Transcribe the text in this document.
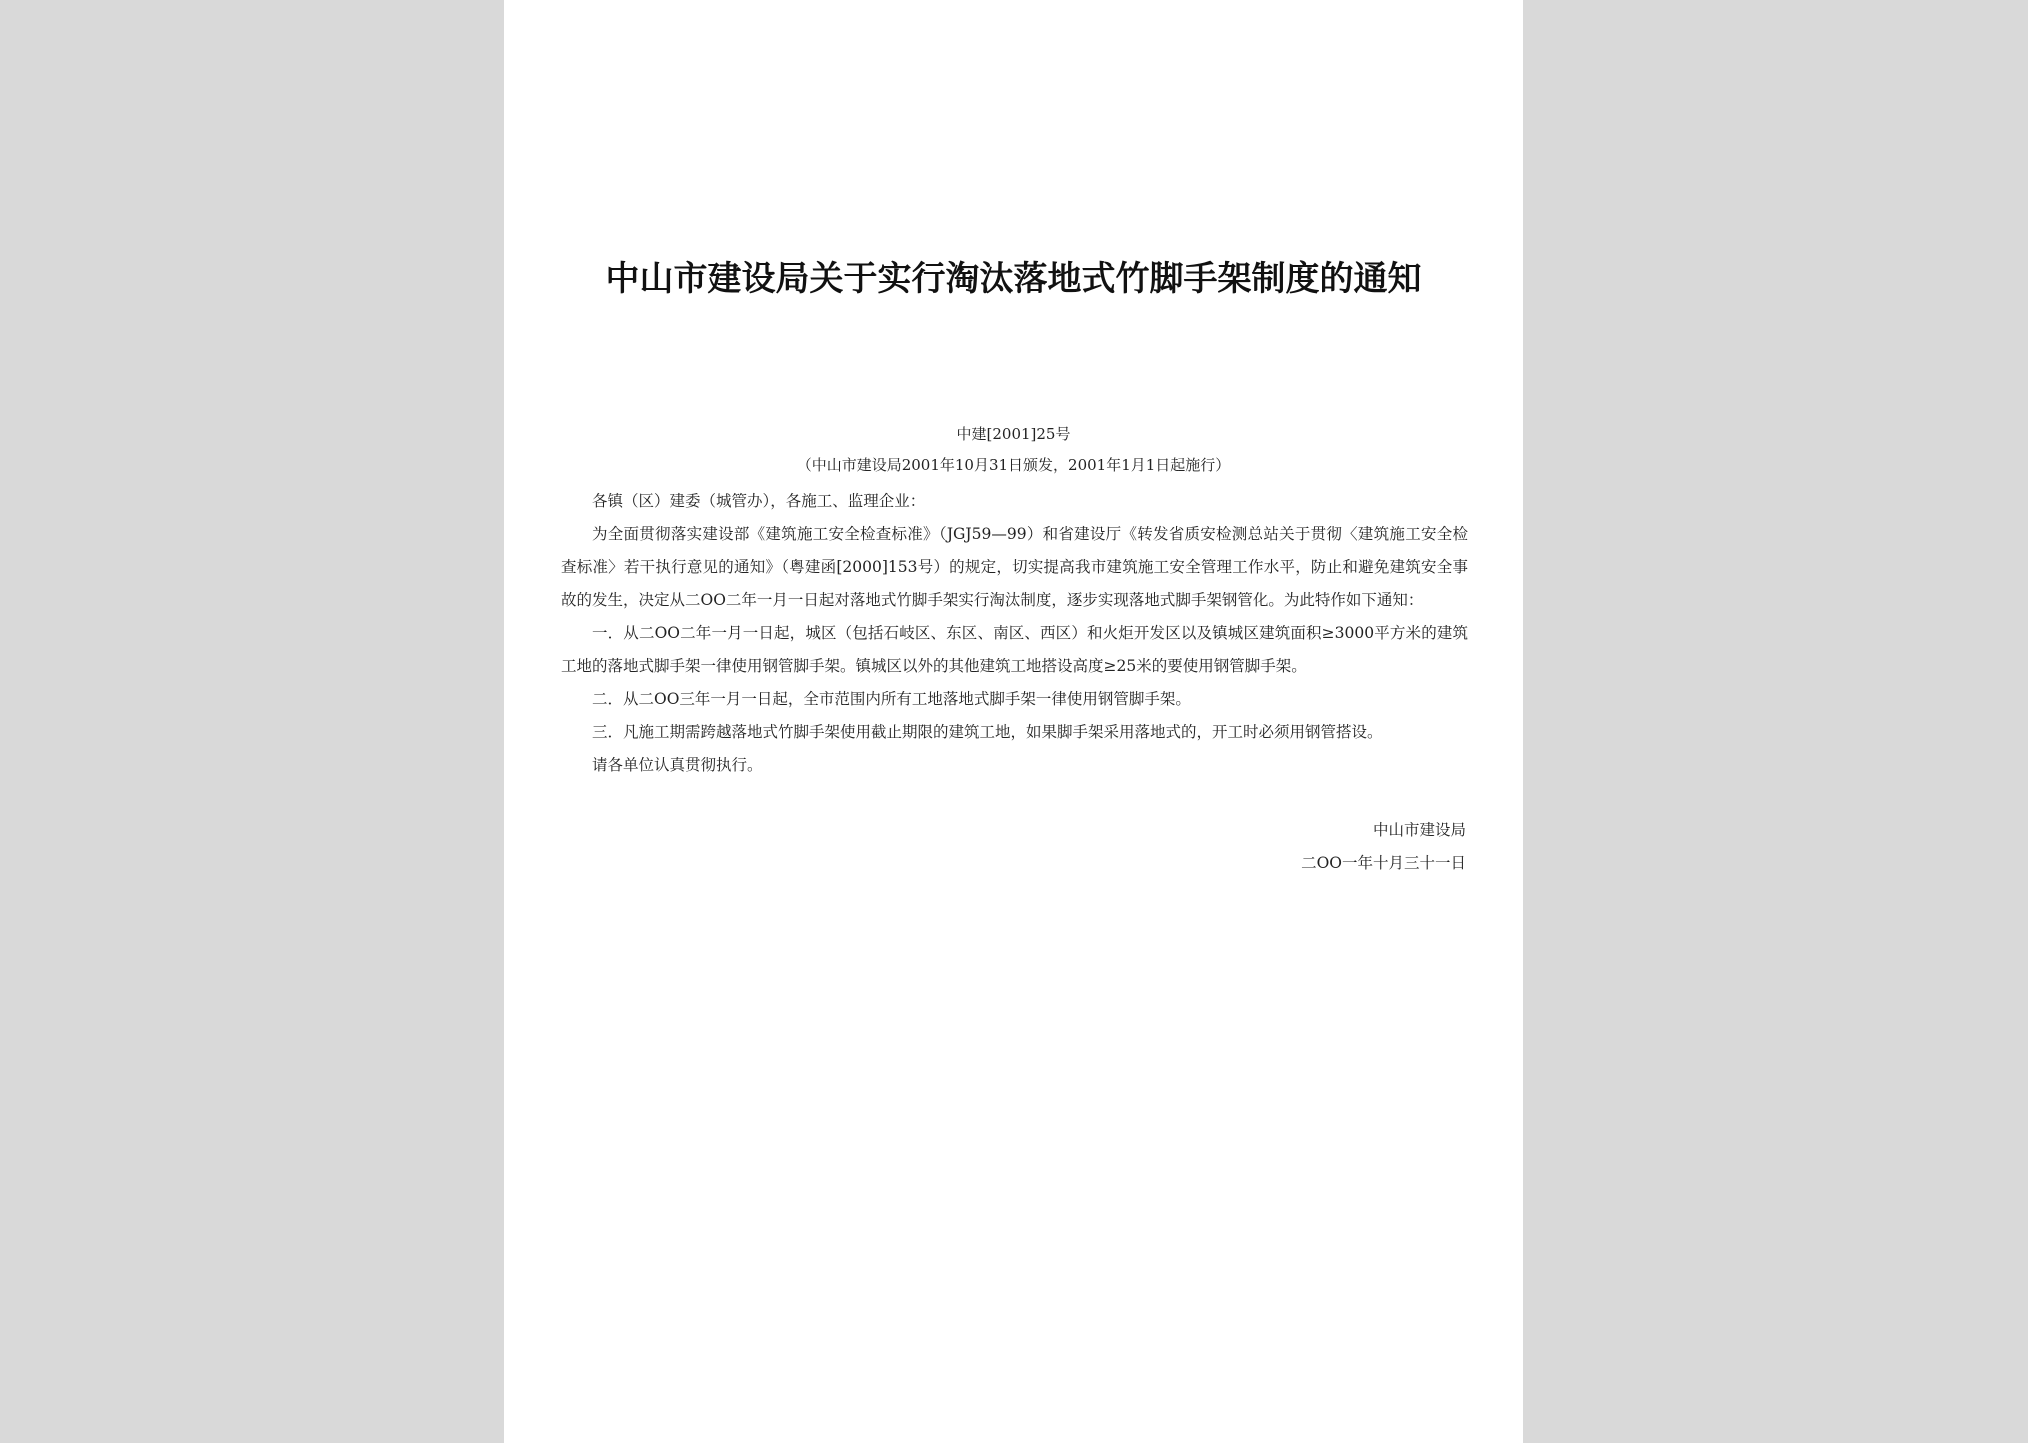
中山市建设局关于实行淘汰落地式竹脚手架制度的通知
中建[2001]25号
（中山市建设局2001年10月31日颁发，2001年1月1日起施行）

各镇（区）建委（城管办），各施工、监理企业：

为全面贯彻落实建设部《建筑施工安全检查标准》（JGJ59—99）和省建设厅《转发省质安检测总站关于贯彻〈建筑施工安全检查标准〉若干执行意见的通知》（粤建函[2000]153号）的规定，切实提高我市建筑施工安全管理工作水平，防止和避免建筑安全事故的发生，决定从二OO二年一月一日起对落地式竹脚手架实行淘汰制度，逐步实现落地式脚手架钢管化。为此特作如下通知：

一．从二OO二年一月一日起，城区（包括石岐区、东区、南区、西区）和火炬开发区以及镇城区建筑面积≥3000平方米的建筑工地的落地式脚手架一律使用钢管脚手架。镇城区以外的其他建筑工地搭设高度≥25米的要使用钢管脚手架。

二．从二OO三年一月一日起，全市范围内所有工地落地式脚手架一律使用钢管脚手架。

三．凡施工期需跨越落地式竹脚手架使用截止期限的建筑工地，如果脚手架采用落地式的，开工时必须用钢管搭设。

请各单位认真贯彻执行。

中山市建设局
二OO一年十月三十一日
